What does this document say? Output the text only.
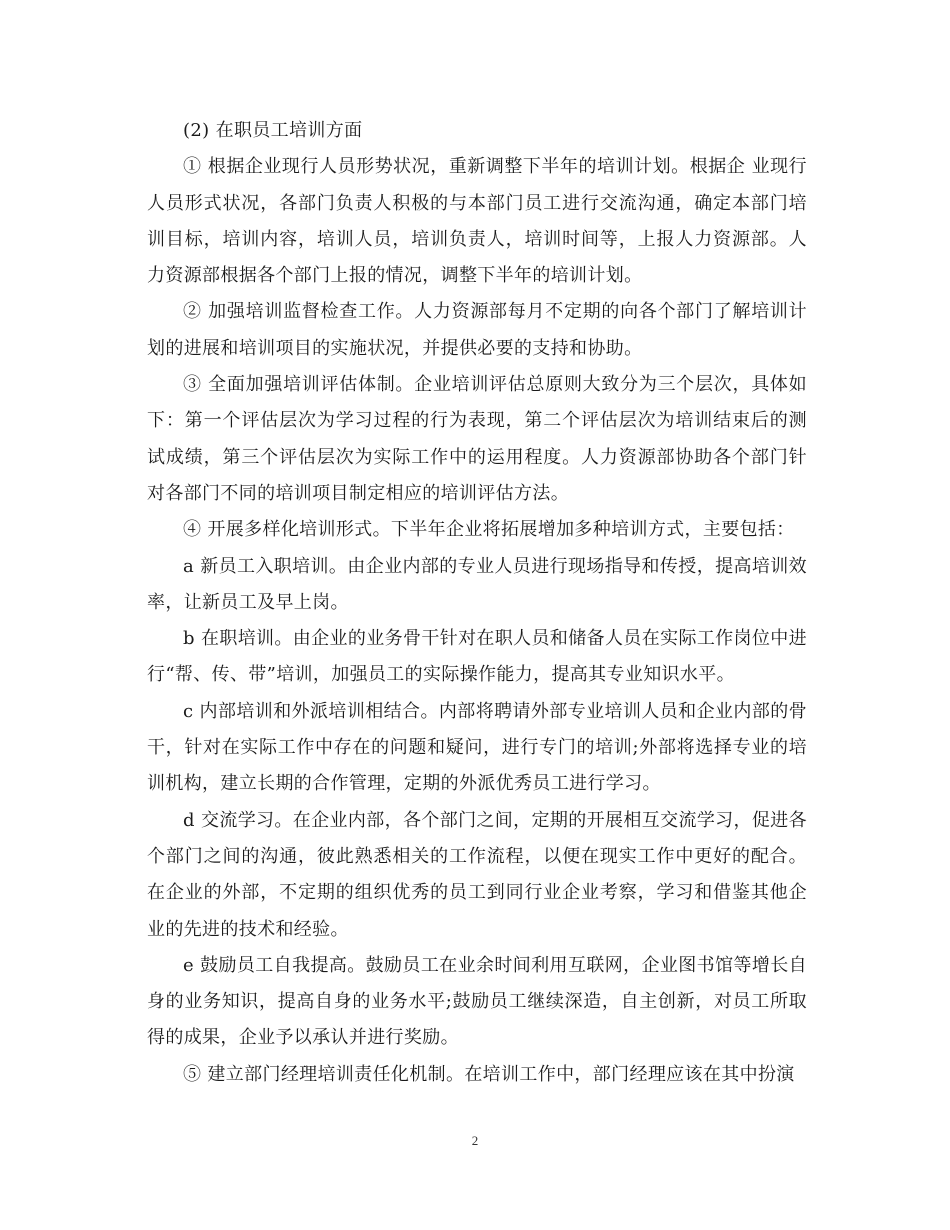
(2) 在职员工培训方面

① 根据企业现行人员形势状况，重新调整下半年的培训计划。根据企 业现行人员形式状况，各部门负责人积极的与本部门员工进行交流沟通，确定本部门培训目标，培训内容，培训人员，培训负责人，培训时间等，上报人力资源部。人力资源部根据各个部门上报的情况，调整下半年的培训计划。

② 加强培训监督检查工作。人力资源部每月不定期的向各个部门了解培训计划的进展和培训项目的实施状况，并提供必要的支持和协助。

③ 全面加强培训评估体制。企业培训评估总原则大致分为三个层次，具体如下：第一个评估层次为学习过程的行为表现，第二个评估层次为培训结束后的测试成绩，第三个评估层次为实际工作中的运用程度。人力资源部协助各个部门针对各部门不同的培训项目制定相应的培训评估方法。

④ 开展多样化培训形式。下半年企业将拓展增加多种培训方式，主要包括：

a 新员工入职培训。由企业内部的专业人员进行现场指导和传授，提高培训效率，让新员工及早上岗。

b 在职培训。由企业的业务骨干针对在职人员和储备人员在实际工作岗位中进行“帮、传、带”培训，加强员工的实际操作能力，提高其专业知识水平。

c 内部培训和外派培训相结合。内部将聘请外部专业培训人员和企业内部的骨干，针对在实际工作中存在的问题和疑问，进行专门的培训;外部将选择专业的培训机构，建立长期的合作管理，定期的外派优秀员工进行学习。

d 交流学习。在企业内部，各个部门之间，定期的开展相互交流学习，促进各个部门之间的沟通，彼此熟悉相关的工作流程，以便在现实工作中更好的配合。在企业的外部，不定期的组织优秀的员工到同行业企业考察，学习和借鉴其他企业的先进的技术和经验。

e 鼓励员工自我提高。鼓励员工在业余时间利用互联网，企业图书馆等增长自身的业务知识，提高自身的业务水平;鼓励员工继续深造，自主创新，对员工所取得的成果，企业予以承认并进行奖励。

⑤ 建立部门经理培训责任化机制。在培训工作中，部门经理应该在其中扮演

2
